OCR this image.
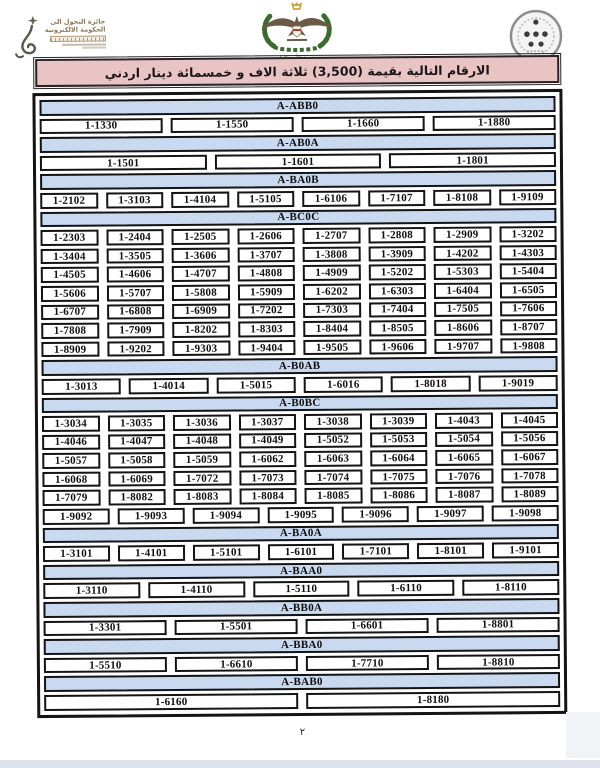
جائزة التحول الى
الحكومة الالكترونية
الارقام التالية بقيمة (3,500) ثلاثة الاف و خمسمائة دينار اردني
A-ABB0
1-1330	1-1550	1-1660	1-1880
A-AB0A
1-1501	1-1601	1-1801
A-BA0B
1-2102	1-3103	1-4104	1-5105	1-6106	1-7107	1-8108	1-9109
A-BC0C
1-2303	1-2404	1-2505	1-2606	1-2707	1-2808	1-2909	1-3202
1-3404	1-3505	1-3606	1-3707	1-3808	1-3909	1-4202	1-4303
1-4505	1-4606	1-4707	1-4808	1-4909	1-5202	1-5303	1-5404
1-5606	1-5707	1-5808	1-5909	1-6202	1-6303	1-6404	1-6505
1-6707	1-6808	1-6909	1-7202	1-7303	1-7404	1-7505	1-7606
1-7808	1-7909	1-8202	1-8303	1-8404	1-8505	1-8606	1-8707
1-8909	1-9202	1-9303	1-9404	1-9505	1-9606	1-9707	1-9808
A-B0AB
1-3013	1-4014	1-5015	1-6016	1-8018	1-9019
A-B0BC
1-3034	1-3035	1-3036	1-3037	1-3038	1-3039	1-4043	1-4045
1-4046	1-4047	1-4048	1-4049	1-5052	1-5053	1-5054	1-5056
1-5057	1-5058	1-5059	1-6062	1-6063	1-6064	1-6065	1-6067
1-6068	1-6069	1-7072	1-7073	1-7074	1-7075	1-7076	1-7078
1-7079	1-8082	1-8083	1-8084	1-8085	1-8086	1-8087	1-8089
1-9092	1-9093	1-9094	1-9095	1-9096	1-9097	1-9098
A-BA0A
1-3101	1-4101	1-5101	1-6101	1-7101	1-8101	1-9101
A-BAA0
1-3110	1-4110	1-5110	1-6110	1-8110
A-BB0A
1-3301	1-5501	1-6601	1-8801
A-BBA0
1-5510	1-6610	1-7710	1-8810
A-BAB0
1-6160	1-8180
٢
